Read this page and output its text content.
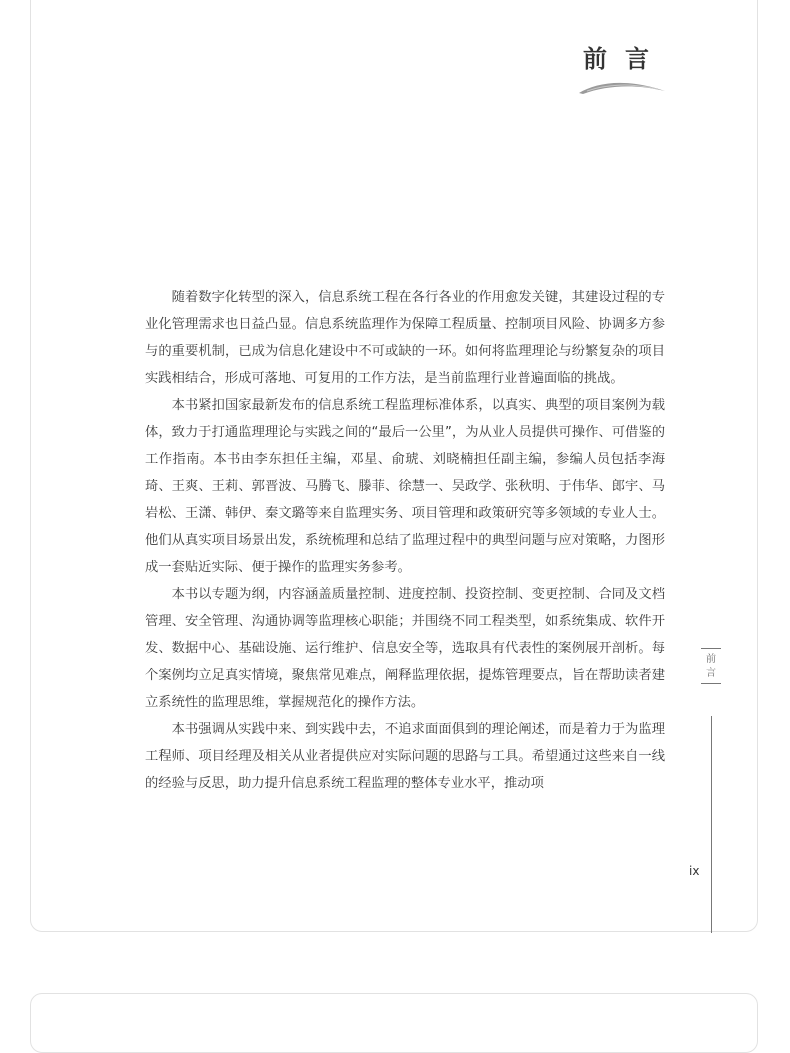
前言

随着数字化转型的深入，信息系统工程在各行各业的作用愈发关键，其建设过程的专业化管理需求也日益凸显。信息系统监理作为保障工程质量、控制项目风险、协调多方参与的重要机制，已成为信息化建设中不可或缺的一环。如何将监理理论与纷繁复杂的项目实践相结合，形成可落地、可复用的工作方法，是当前监理行业普遍面临的挑战。

本书紧扣国家最新发布的信息系统工程监理标准体系，以真实、典型的项目案例为载体，致力于打通监理理论与实践之间的“最后一公里”，为从业人员提供可操作、可借鉴的工作指南。本书由李东担任主编，邓星、俞琥、刘晓楠担任副主编，参编人员包括李海琦、王爽、王莉、郭晋波、马腾飞、滕菲、徐慧一、吴政学、张秋明、于伟华、郎宇、马岩松、王潇、韩伊、秦文璐等来自监理实务、项目管理和政策研究等多领域的专业人士。他们从真实项目场景出发，系统梳理和总结了监理过程中的典型问题与应对策略，力图形成一套贴近实际、便于操作的监理实务参考。

本书以专题为纲，内容涵盖质量控制、进度控制、投资控制、变更控制、合同及文档管理、安全管理、沟通协调等监理核心职能；并围绕不同工程类型，如系统集成、软件开发、数据中心、基础设施、运行维护、信息安全等，选取具有代表性的案例展开剖析。每个案例均立足真实情境，聚焦常见难点，阐释监理依据，提炼管理要点，旨在帮助读者建立系统性的监理思维，掌握规范化的操作方法。

本书强调从实践中来、到实践中去，不追求面面俱到的理论阐述，而是着力于为监理工程师、项目经理及相关从业者提供应对实际问题的思路与工具。希望通过这些来自一线的经验与反思，助力提升信息系统工程监理的整体专业水平，推动项

前
言
ix
